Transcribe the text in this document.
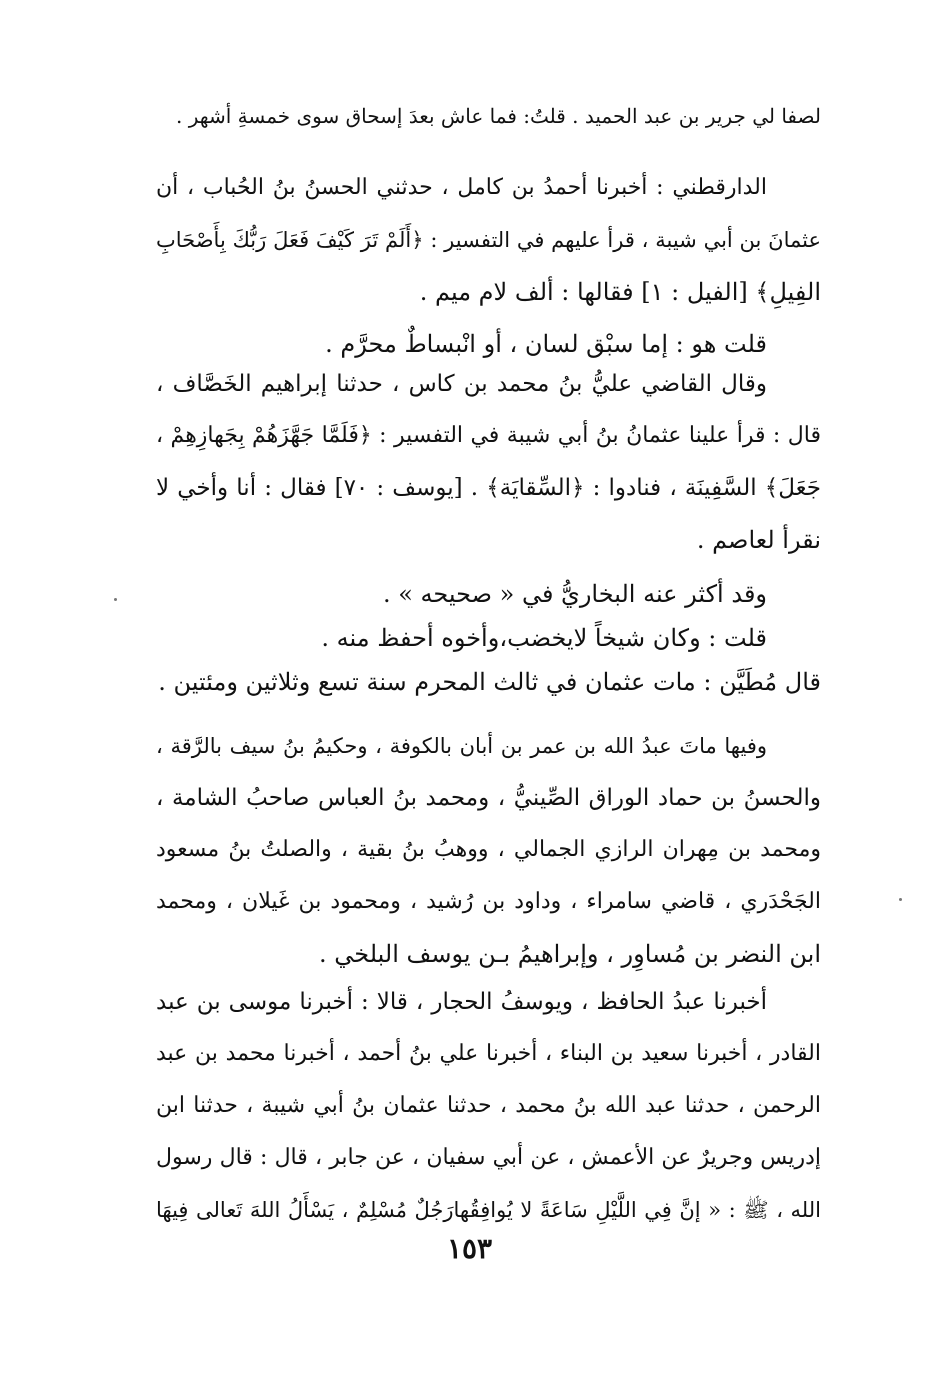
لصفا لي جرير بن عبد الحميد . قلتُ: فما عاش بعدَ إسحاق سوى خمسةِ أشهر .
الدارقطني : أخبرنا أحمدُ بن كامل ، حدثني الحسنُ بنُ الحُباب ، أن
عثمانَ بن أبي شيبة ، قرأ عليهم في التفسير : ﴿أَلَمْ تَرَ كَيْفَ فَعَلَ رَبُّكَ بِأَصْحَابِ
الفِيلِ﴾ [الفيل : ١] فقالها : ألف لام ميم .
قلت هو : إما سبْق لسان ، أو انْبساطٌ محرَّم .
وقال القاضي عليُّ بنُ محمد بن كاس ، حدثنا إبراهيم الخَصَّاف ،
قال : قرأ علينا عثمانُ بنُ أبي شيبة في التفسير : ﴿فَلَمَّا جَهَّزَهُمْ بِجَهازِهِمْ ،
جَعَلَ﴾ السَّفِينَة ، فنادوا : ﴿السِّقايَة﴾ . [يوسف : ٧٠] فقال : أنا وأخي لا
نقرأ لعاصم .
وقد أكثر عنه البخاريُّ في « صحيحه » .
قلت : وكان شيخاً لايخضب،وأخوه أحفظ منه .
قال مُطَيَّن : مات عثمان في ثالث المحرم سنة تسع وثلاثين ومئتين .
وفيها ماتَ عبدُ الله بن عمر بن أبان بالكوفة ، وحكيمُ بنُ سيف بالرَّقة ،
والحسنُ بن حماد الوراق الصِّينيُّ ، ومحمد بنُ العباس صاحبُ الشامة ،
ومحمد بن مِهران الرازي الجمالي ، ووهبُ بنُ بقية ، والصلتُ بنُ مسعود
الجَحْدَري ، قاضي سامراء ، وداود بن رُشيد ، ومحمود بن غَيلان ، ومحمد
ابن النضر بن مُساوِر ، وإبراهيمُ بـن يوسف البلخي .
أخبرنا عبدُ الحافظ ، ويوسفُ الحجار ، قالا : أخبرنا موسى بن عبد
القادر ، أخبرنا سعيد بن البناء ، أخبرنا علي بنُ أحمد ، أخبرنا محمد بن عبد
الرحمن ، حدثنا عبد الله بنُ محمد ، حدثنا عثمان بنُ أبي شيبة ، حدثنا ابن
إدريس وجريرٌ عن الأعمش ، عن أبي سفيان ، عن جابر ، قال : قال رسول
الله ، ﷺ : « إنَّ فِي اللَّيْلِ سَاعَةً لا يُوافِقُهارَجُلٌ مُسْلِمٌ ، يَسْأَلُ اللهَ تَعالى فِيهَا
١٥٣
